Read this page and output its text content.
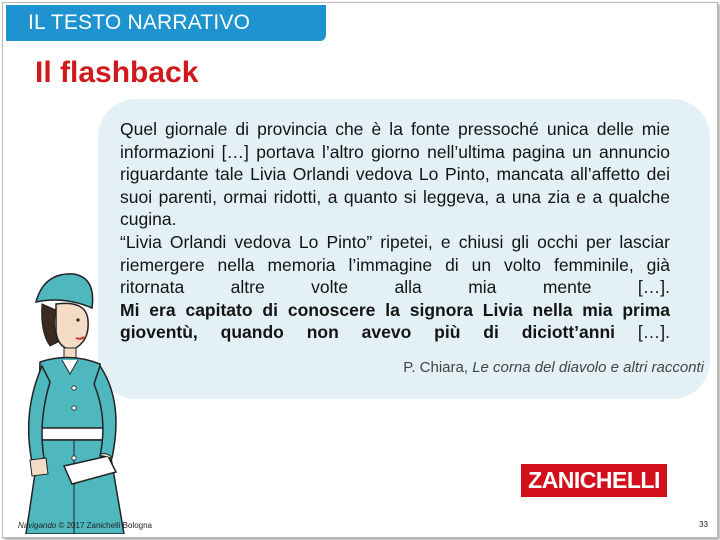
IL TESTO NARRATIVO
Il flashback

Quel giornale di provincia che è la fonte pressoché unica delle mie informazioni […] portava l’altro giorno nell’ultima pagina un annuncio riguardante tale Livia Orlandi vedova Lo Pinto, mancata all’affetto dei suoi parenti, ormai ridotti, a quanto si leggeva, a una zia e a qualche cugina.

“Livia Orlandi vedova Lo Pinto” ripetei, e chiusi gli occhi per lasciar riemergere nella memoria l’immagine di un volto femminile, già ritornata altre volte alla mia mente […].

Mi era capitato di conoscere la signora Livia nella mia prima gioventù, quando non avevo più di diciott’anni […].

P. Chiara, Le corna del diavolo e altri racconti
ZANICHELLI
Navigando © 2017 Zanichelli Bologna	33
